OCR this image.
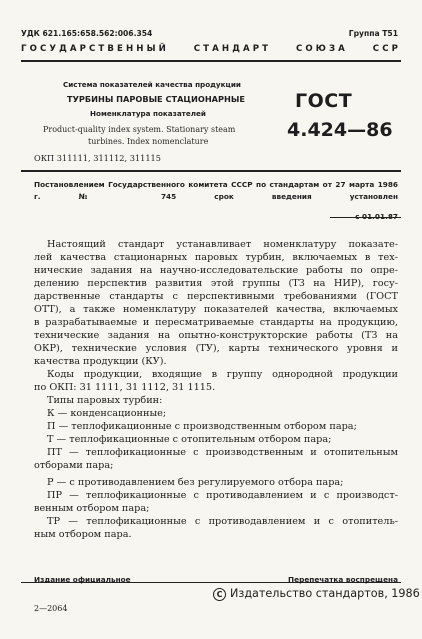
УДК 621.165:658.562:006.354	Группа Т51
ГОСУДАРСТВЕННЫЙ СТАНДАРТ СОЮЗА ССР
Система показателей качества продукции
ТУРБИНЫ ПАРОВЫЕ СТАЦИОНАРНЫЕ
Номенклатура показателей
Product-quality index system. Stationary steam
turbines. Index nomenclature
ГОСТ
4.424—86
ОКП 311111, 311112, 311115
Постановлением Государственного комитета СССР по стандартам от 27 марта 1986 г. № 745 срок введения установлен
Настоящий стандарт устанавливает номенклатуру показате-
лей качества стационарных паровых турбин, включаемых в тех-
нические задания на научно-исследовательские работы по опре-
делению перспектив развития этой группы (ТЗ на НИР), госу-
дарственные стандарты с перспективными требованиями (ГОСТ
ОТТ), а также номенклатуру показателей качества, включаемых
в разрабатываемые и пересматриваемые стандарты на продукцию,
технические задания на опытно-конструкторские работы (ТЗ на
ОКР), технические условия (ТУ), карты технического уровня и
качества продукции (КУ).
Коды продукции, входящие в группу однородной продукции
по ОКП: 31 1111, 31 1112, 31 1115.
Типы паровых турбин:
К — конденсационные;
П — теплофикационные с производственным отбором пара;
Т — теплофикационные с отопительным отбором пара;
ПТ — теплофикационные с производственным и отопительным
отборами пара;
Р — с противодавлением без регулируемого отбора пара;
ПР — теплофикационные с противодавлением и с производст-
венным отбором пара;
ТР — теплофикационные с противодавлением и с отопитель-
ным отбором пара.
Издание официальное	Перепечатка воспрещена
2—2064
C Издательство стандартов, 1986
